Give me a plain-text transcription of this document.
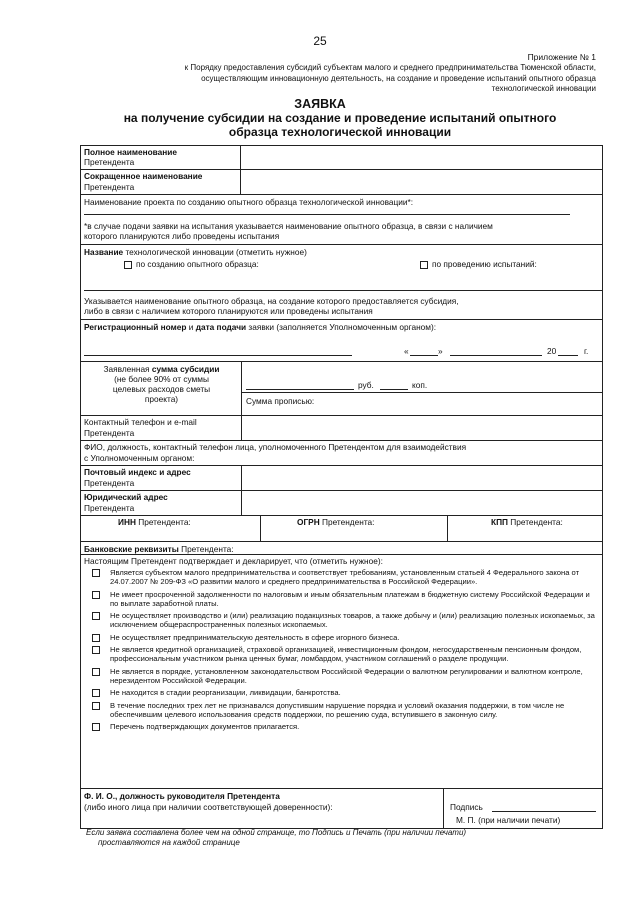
25
Приложение № 1
к Порядку предоставления субсидий субъектам малого и среднего предпринимательства Тюменской области,
осуществляющим инновационную деятельность, на создание и проведение испытаний опытного образца
технологической инновации
ЗАЯВКА
на получение субсидии на создание и проведение испытаний опытного
образца технологической инновации
Полное наименование
Претендента
Сокращенное наименование
Претендента
Наименование проекта по созданию опытного образца технологической инновации*:
*в случае подачи заявки на испытания указывается наименование опытного образца, в связи с наличием
которого планируются либо проведены испытания
Название технологической инновации (отметить нужное)
по созданию опытного образца:	по проведению испытаний:
Указывается наименование опытного образца, на создание которого предоставляется субсидия,
либо в связи с наличием которого планируются или проведены испытания
Регистрационный номер и дата подачи заявки (заполняется Уполномоченным органом):
«	»	20	г.
Заявленная сумма субсидии
(не более 90% от суммы
целевых расходов сметы
проекта)
руб.	коп.
Сумма прописью:
Контактный телефон и e-mail
Претендента
ФИО, должность, контактный телефон лица, уполномоченного Претендентом для взаимодействия
с Уполномоченным органом:
Почтовый индекс и адрес
Претендента
Юридический адрес
Претендента
ИНН Претендента:	ОГРН Претендента:	КПП Претендента:
Банковские реквизиты Претендента:
Настоящим Претендент подтверждает и декларирует, что (отметить нужное):
Является субъектом малого предпринимательства и соответствует требованиям, установленным статьей 4 Федерального закона от 24.07.2007 № 209-ФЗ «О развитии малого и среднего предпринимательства в Российской Федерации».
Не имеет просроченной задолженности по налоговым и иным обязательным платежам в бюджетную систему Российской Федерации и по выплате заработной платы.
Не осуществляет производство и (или) реализацию подакцизных товаров, а также добычу и (или) реализацию полезных ископаемых, за исключением общераспространенных полезных ископаемых.
Не осуществляет предпринимательскую деятельность в сфере игорного бизнеса.
Не является кредитной организацией, страховой организацией, инвестиционным фондом, негосударственным пенсионным фондом, профессиональным участником рынка ценных бумаг, ломбардом, участником соглашений о разделе продукции.
Не является в порядке, установленном законодательством Российской Федерации о валютном регулировании и валютном контроле, нерезидентом Российской Федерации.
Не находится в стадии реорганизации, ликвидации, банкротства.
В течение последних трех лет не признавался допустившим нарушение порядка и условий оказания поддержки, в том числе не обеспечившим целевого использования средств поддержки, по решению суда, вступившего в законную силу.
Перечень подтверждающих документов прилагается.
Ф. И. О., должность руководителя Претендента
(либо иного лица при наличии соответствующей доверенности):	Подпись
М. П. (при наличии печати)
Если заявка составлена более чем на одной странице, то Подпись и Печать (при наличии печати)
проставляются на каждой странице
